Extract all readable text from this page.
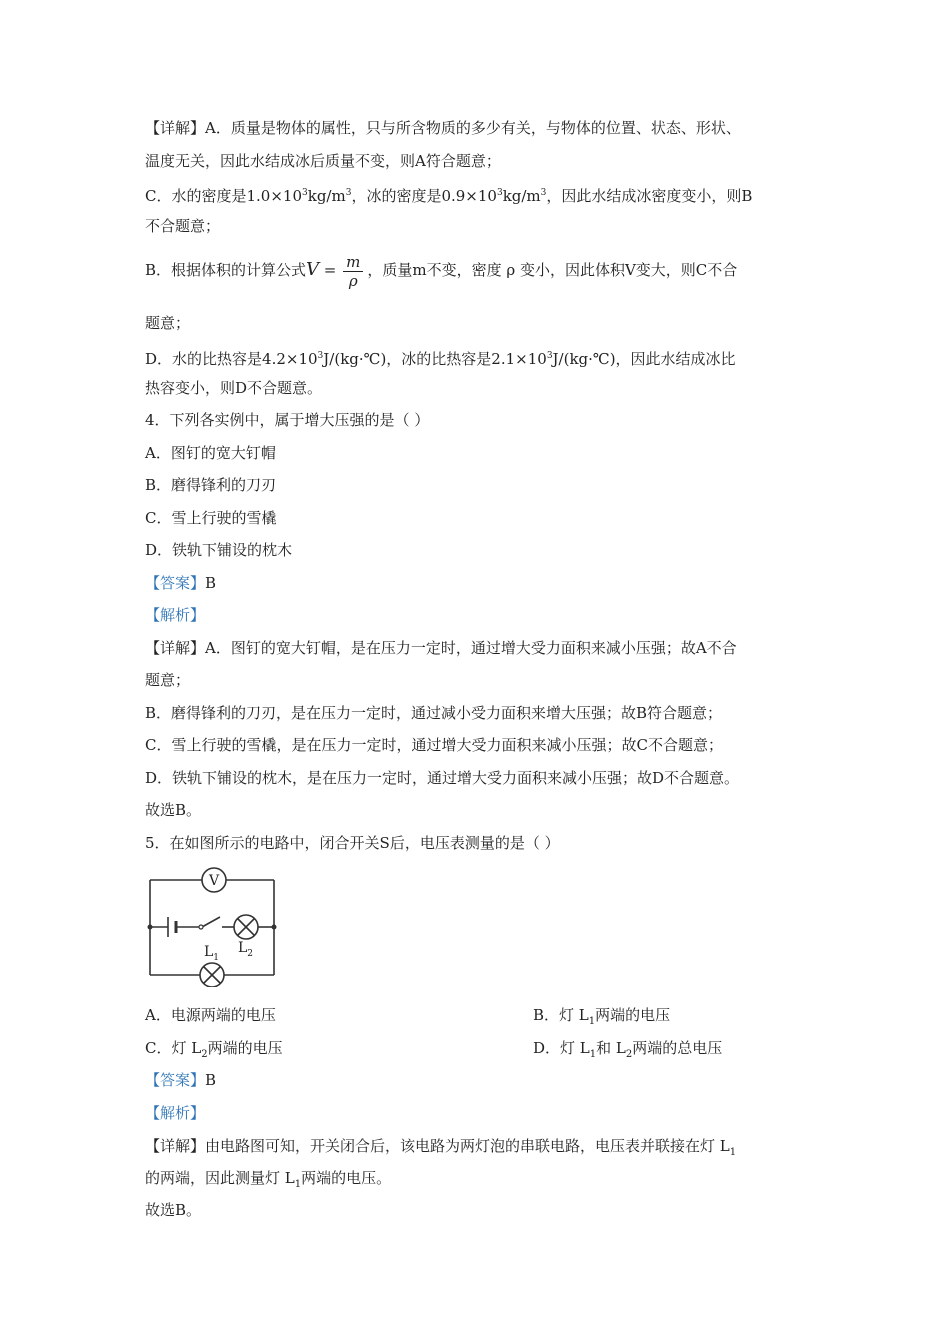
【详解】A．质量是物体的属性，只与所含物质的多少有关，与物体的位置、状态、形状、
温度无关，因此水结成冰后质量不变，则A符合题意；
C．水的密度是$1.0\times 10^3kg/m^3$，冰的密度是$0.9\times 10^3kg/m^3$，因此水结成冰密度变小，则B
不合题意；
B．根据体积的计算公式$V = \frac{m}{\rho}$ ，质量m不变，密度 ρ 变小，因此体积V变大，则C不合
题意；
D．水的比热容是$4.2\times 10^3J/(kg\cdot℃)$，冰的比热容是$2.1\times 10^3J/(kg\cdot℃)$，因此水结成冰比
热容变小，则D不合题意。
4．下列各实例中，属于增大压强的是（ ）
A．图钉的宽大钉帽
B．磨得锋利的刀刃
C．雪上行驶的雪橇
D．铁轨下铺设的枕木
【答案】B
【解析】
【详解】A．图钉的宽大钉帽，是在压力一定时，通过增大受力面积来减小压强；故A不合
题意；
B．磨得锋利的刀刃，是在压力一定时，通过减小受力面积来增大压强；故B符合题意；
C．雪上行驶的雪橇，是在压力一定时，通过增大受力面积来减小压强；故C不合题意；
D．铁轨下铺设的枕木，是在压力一定时，通过增大受力面积来减小压强；故D不合题意。
故选B。
5．在如图所示的电路中，闭合开关S后，电压表测量的是（ ）
V
$L_1$
$L_2$
A．电源两端的电压	B．灯 $L_1$两端的电压
C．灯 $L_2$两端的电压	D．灯 $L_1$和 $L_2$两端的总电压
【答案】B
【解析】
【详解】由电路图可知，开关闭合后，该电路为两灯泡的串联电路，电压表并联接在灯 $L_1$
的两端，因此测量灯 $L_1$两端的电压。
故选B。
